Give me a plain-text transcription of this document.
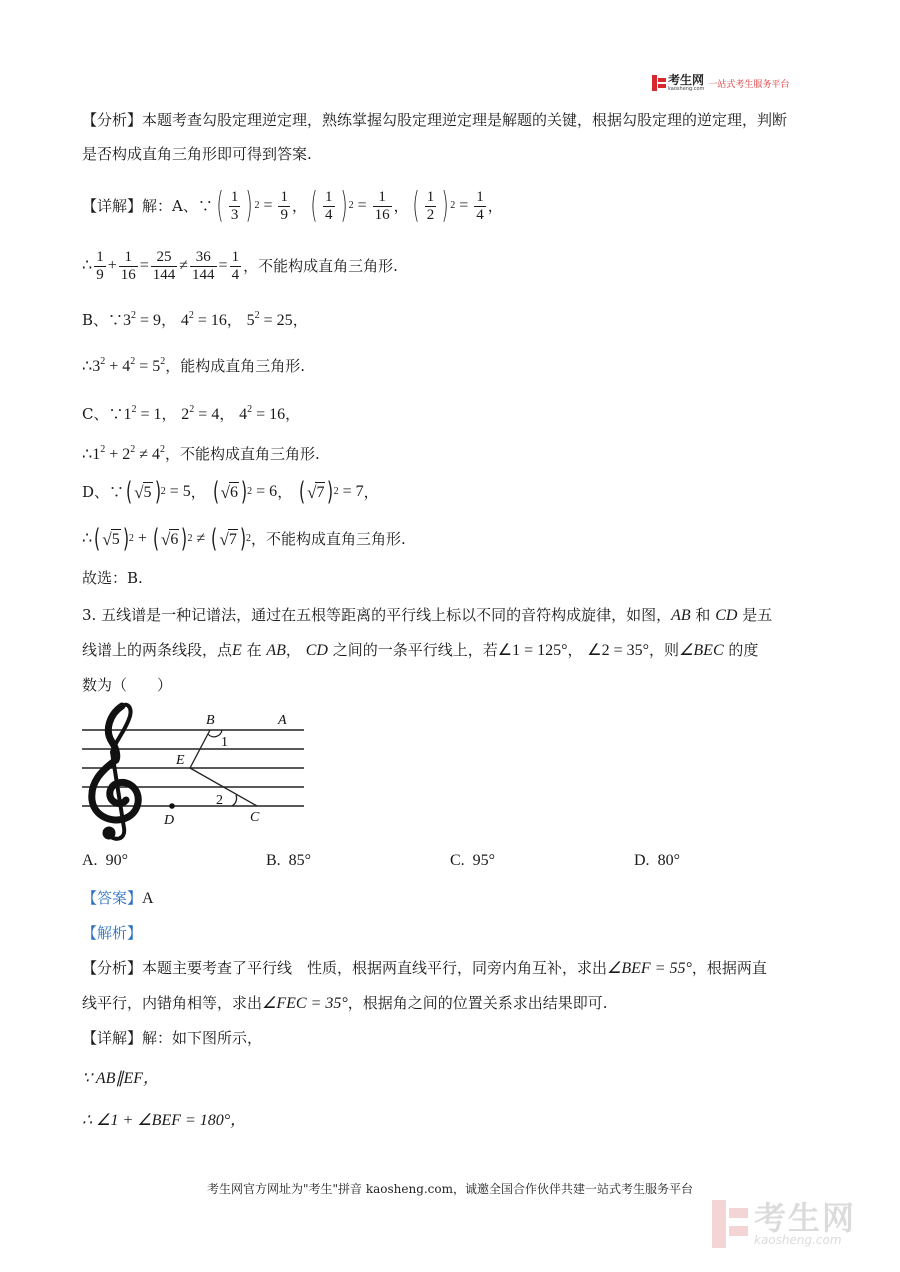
考生网
kaosheng.com 一站式考生服务平台
【分析】本题考查勾股定理逆定理，熟练掌握勾股定理逆定理是解题的关键，根据勾股定理的逆定理，判断
是否构成直角三角形即可得到答案.
【详解】 解：A、∵ ( $\frac{1}{3}$ ) $2 = \frac{1}{9}$ ， ( $\frac{1}{4}$ ) $2 = \frac{1}{16}$ ， ( $\frac{1}{2}$ ) $2 = \frac{1}{4}$ ，
∴ $\frac{1}{9} + \frac{1}{16} = \frac{25}{144} \ne \frac{36}{144} = \frac{1}{4}$ ， 不能构成直角三角形.
B、$\because 3^2 = 9$， $4^2 = 16$， $5^2 = 25$，
$\therefore 3^2 + 4^2 = 5^2$，能构成直角三角形.
C、$\because 1^2 = 1$， $2^2 = 4$， $4^2 = 16$，
$\therefore 1^2 + 2^2 \ne 4^2$，不能构成直角三角形.
D、∵ ( √ 5 ) 2 = 5 ， ( √ 6 ) 2 = 6 ， ( √ 7 ) 2 = 7 ，
∴ ( √ 5 ) 2 + ( √ 6 ) 2 ≠ ( √ 7 ) 2 ， 不能构成直角三角形.
故选：B.
3. 五线谱是一种记谱法，通过在五根等距离的平行线上标以不同的音符构成旋律，如图，AB 和 CD 是五
线谱上的两条线段，点E 在 AB， CD 之间的一条平行线上，若∠1 = 125°， ∠2 = 35°，则∠BEC 的度
数为（　　）
B	A
E
D	C
1
2
A. 90°	B. 85°	C. 95°	D. 80°
【答案】A
【解析】
【分析】本题主要考查了平行线　性质，根据两直线平行，同旁内角互补，求出∠BEF = 55°，根据两直
线平行，内错角相等，求出∠FEC = 35°，根据角之间的位置关系求出结果即可.
【详解】解：如下图所示，
∵ AB∥EF，
∴ ∠1 + ∠BEF = 180°，
考生网官方网址为"考生"拼音 kaosheng.com，诚邀全国合作伙伴共建一站式考生服务平台
考生网
kaosheng.com
